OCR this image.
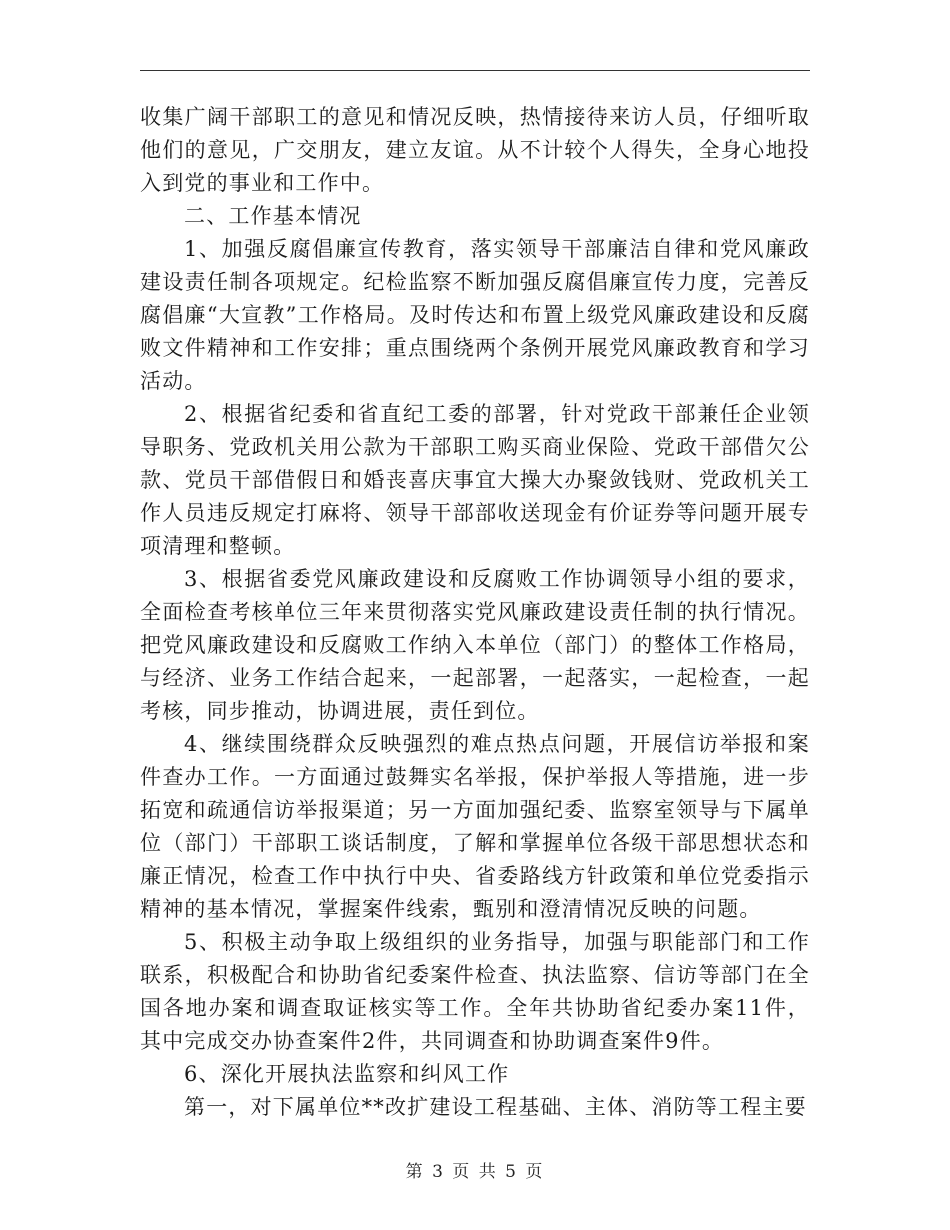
收集广阔干部职工的意见和情况反映，热情接待来访人员，仔细听取他们的意见，广交朋友，建立友谊。从不计较个人得失，全身心地投入到党的事业和工作中。

二、工作基本情况

1、加强反腐倡廉宣传教育，落实领导干部廉洁自律和党风廉政建设责任制各项规定。纪检监察不断加强反腐倡廉宣传力度，完善反腐倡廉“大宣教”工作格局。及时传达和布置上级党风廉政建设和反腐败文件精神和工作安排；重点围绕两个条例开展党风廉政教育和学习活动。

2、根据省纪委和省直纪工委的部署，针对党政干部兼任企业领导职务、党政机关用公款为干部职工购买商业保险、党政干部借欠公款、党员干部借假日和婚丧喜庆事宜大操大办聚敛钱财、党政机关工作人员违反规定打麻将、领导干部部收送现金有价证券等问题开展专项清理和整顿。

3、根据省委党风廉政建设和反腐败工作协调领导小组的要求，全面检查考核单位三年来贯彻落实党风廉政建设责任制的执行情况。把党风廉政建设和反腐败工作纳入本单位（部门）的整体工作格局，与经济、业务工作结合起来，一起部署，一起落实，一起检查，一起考核，同步推动，协调进展，责任到位。

4、继续围绕群众反映强烈的难点热点问题，开展信访举报和案件查办工作。一方面通过鼓舞实名举报，保护举报人等措施，进一步拓宽和疏通信访举报渠道；另一方面加强纪委、监察室领导与下属单位（部门）干部职工谈话制度，了解和掌握单位各级干部思想状态和廉正情况，检查工作中执行中央、省委路线方针政策和单位党委指示精神的基本情况，掌握案件线索，甄别和澄清情况反映的问题。

5、积极主动争取上级组织的业务指导，加强与职能部门和工作联系，积极配合和协助省纪委案件检查、执法监察、信访等部门在全国各地办案和调查取证核实等工作。全年共协助省纪委办案11件，其中完成交办协查案件2件，共同调查和协助调查案件9件。

6、深化开展执法监察和纠风工作

第一，对下属单位**改扩建设工程基础、主体、消防等工程主要

第 3 页 共 5 页
